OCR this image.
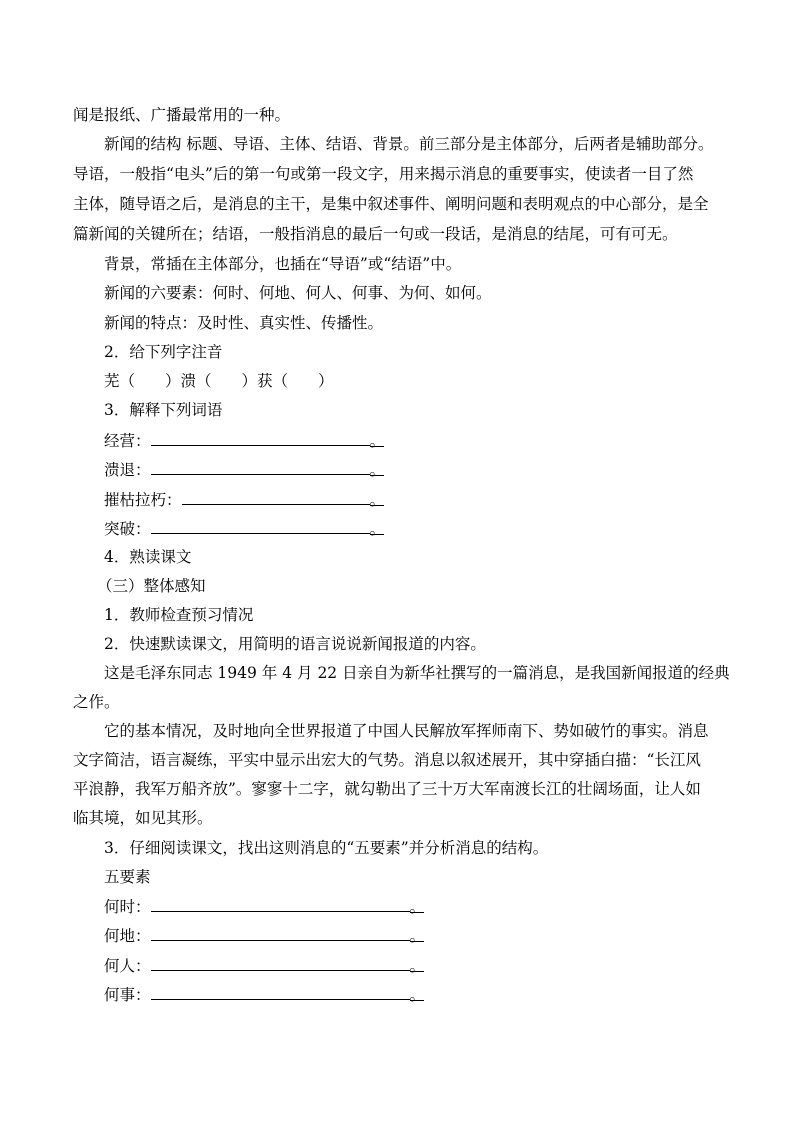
闻是报纸、广播最常用的一种。
新闻的结构 标题、导语、主体、结语、背景。前三部分是主体部分，后两者是辅助部分。
导语，一般指“电头”后的第一句或第一段文字，用来揭示消息的重要事实，使读者一目了然
主体，随导语之后，是消息的主干，是集中叙述事件、阐明问题和表明观点的中心部分，是全
篇新闻的关键所在；结语，一般指消息的最后一句或一段话，是消息的结尾，可有可无。
背景，常插在主体部分，也插在“导语”或“结语”中。
新闻的六要素：何时、何地、何人、何事、为何、如何。
新闻的特点：及时性、真实性、传播性。
2．给下列字注音
芜（ ）溃（ ）获（ ）
3．解释下列词语
经营：	。
溃退：	。
摧枯拉朽：	。
突破：	。
4．熟读课文
（三）整体感知
1．教师检查预习情况
2．快速默读课文，用简明的语言说说新闻报道的内容。
这是毛泽东同志 1949 年 4 月 22 日亲自为新华社撰写的一篇消息，是我国新闻报道的经典
之作。
它的基本情况，及时地向全世界报道了中国人民解放军挥师南下、势如破竹的事实。消息
文字简洁，语言凝练，平实中显示出宏大的气势。消息以叙述展开，其中穿插白描：“长江风
平浪静，我军万船齐放”。寥寥十二字，就勾勒出了三十万大军南渡长江的壮阔场面，让人如
临其境，如见其形。
3．仔细阅读课文，找出这则消息的“五要素”并分析消息的结构。
五要素
何时：	。
何地：	。
何人：	。
何事：	。
